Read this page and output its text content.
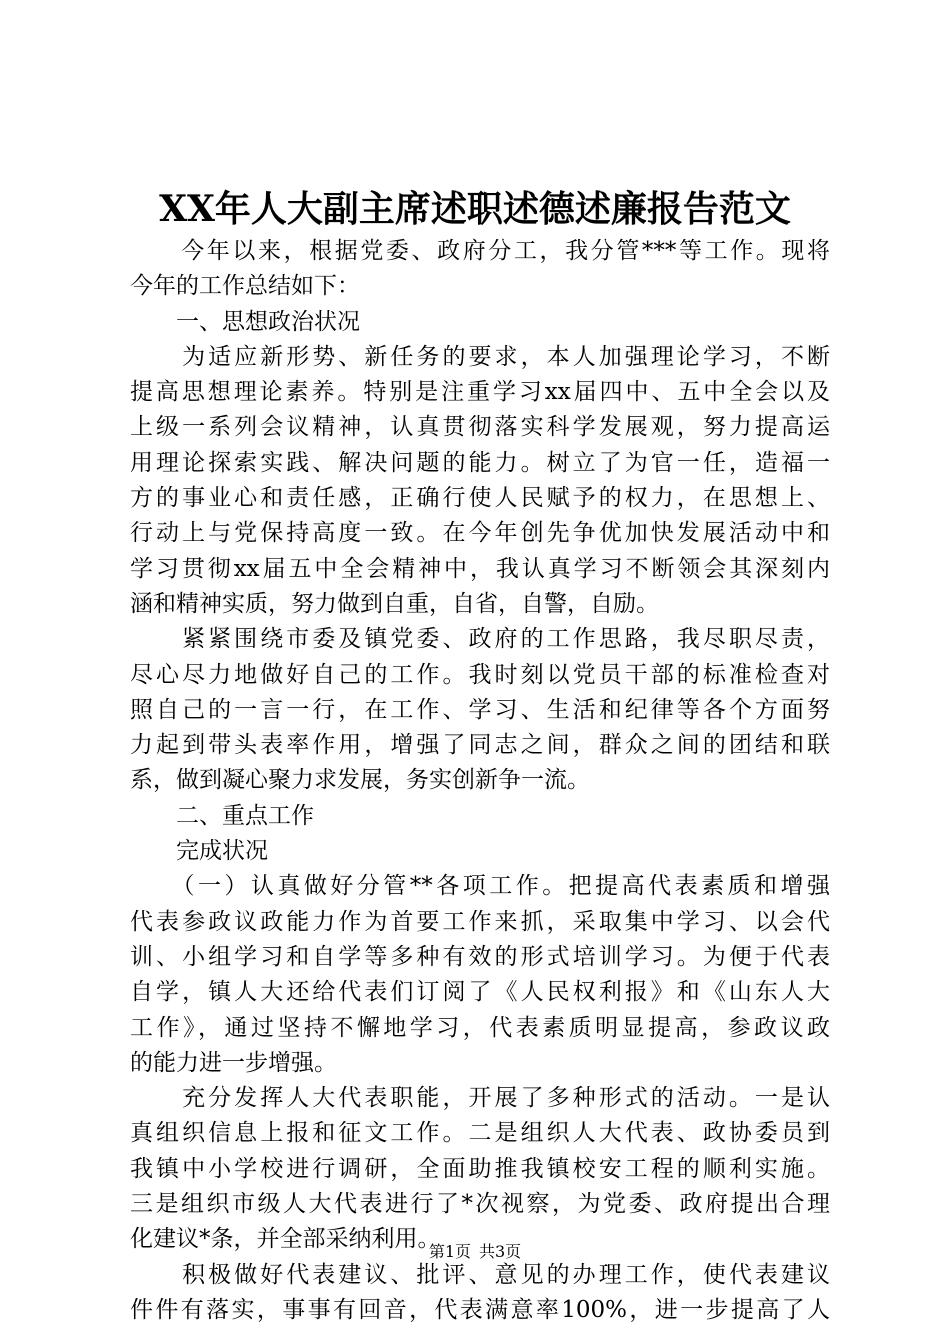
XX年人大副主席述职述德述廉报告范文
　　今年以来，根据党委、政府分工，我分管***等工作。现将
今年的工作总结如下：
　　一、思想政治状况
　　为适应新形势、新任务的要求，本人加强理论学习，不断
提高思想理论素养。特别是注重学习xx届四中、五中全会以及
上级一系列会议精神，认真贯彻落实科学发展观，努力提高运
用理论探索实践、解决问题的能力。树立了为官一任，造福一
方的事业心和责任感，正确行使人民赋予的权力，在思想上、
行动上与党保持高度一致。在今年创先争优加快发展活动中和
学习贯彻xx届五中全会精神中，我认真学习不断领会其深刻内
涵和精神实质，努力做到自重，自省，自警，自励。
　　紧紧围绕市委及镇党委、政府的工作思路，我尽职尽责，
尽心尽力地做好自己的工作。我时刻以党员干部的标准检查对
照自己的一言一行，在工作、学习、生活和纪律等各个方面努
力起到带头表率作用，增强了同志之间，群众之间的团结和联
系，做到凝心聚力求发展，务实创新争一流。
　　二、重点工作
　　完成状况
　　（一）认真做好分管**各项工作。把提高代表素质和增强
代表参政议政能力作为首要工作来抓，采取集中学习、以会代
训、小组学习和自学等多种有效的形式培训学习。为便于代表
自学，镇人大还给代表们订阅了《人民权利报》和《山东人大
工作》，通过坚持不懈地学习，代表素质明显提高，参政议政
的能力进一步增强。
　　充分发挥人大代表职能，开展了多种形式的活动。一是认
真组织信息上报和征文工作。二是组织人大代表、政协委员到
我镇中小学校进行调研，全面助推我镇校安工程的顺利实施。
三是组织市级人大代表进行了*次视察，为党委、政府提出合理
化建议*条，并全部采纳利用。
　　积极做好代表建议、批评、意见的办理工作，使代表建议
件件有落实，事事有回音，代表满意率100%，进一步提高了人
第1页 共3页
